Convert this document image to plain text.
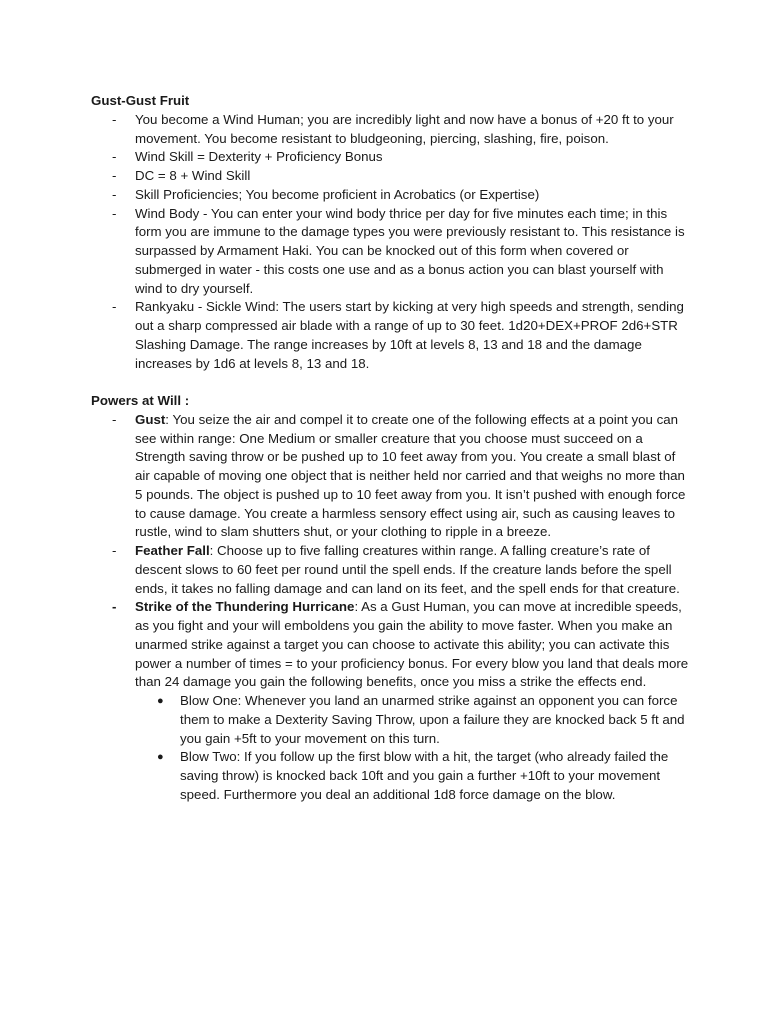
Gust-Gust Fruit
- You become a Wind Human; you are incredibly light and now have a bonus of +20 ft to your movement. You become resistant to bludgeoning, piercing, slashing, fire, poison.
- Wind Skill = Dexterity + Proficiency Bonus
- DC = 8 + Wind Skill
- Skill Proficiencies; You become proficient in Acrobatics (or Expertise)
- Wind Body - You can enter your wind body thrice per day for five minutes each time; in this form you are immune to the damage types you were previously resistant to. This resistance is surpassed by Armament Haki. You can be knocked out of this form when covered or submerged in water - this costs one use and as a bonus action you can blast yourself with wind to dry yourself.
- Rankyaku - Sickle Wind: The users start by kicking at very high speeds and strength, sending out a sharp compressed air blade with a range of up to 30 feet. 1d20+DEX+PROF 2d6+STR Slashing Damage. The range increases by 10ft at levels 8, 13 and 18 and the damage increases by 1d6 at levels 8, 13 and 18.
Powers at Will :
- Gust: You seize the air and compel it to create one of the following effects at a point you can see within range: One Medium or smaller creature that you choose must succeed on a Strength saving throw or be pushed up to 10 feet away from you. You create a small blast of air capable of moving one object that is neither held nor carried and that weighs no more than 5 pounds. The object is pushed up to 10 feet away from you. It isn’t pushed with enough force to cause damage. You create a harmless sensory effect using air, such as causing leaves to rustle, wind to slam shutters shut, or your clothing to ripple in a breeze.
- Feather Fall: Choose up to five falling creatures within range. A falling creature’s rate of descent slows to 60 feet per round until the spell ends. If the creature lands before the spell ends, it takes no falling damage and can land on its feet, and the spell ends for that creature.
- Strike of the Thundering Hurricane: As a Gust Human, you can move at incredible speeds, as you fight and your will emboldens you gain the ability to move faster. When you make an unarmed strike against a target you can choose to activate this ability; you can activate this power a number of times = to your proficiency bonus. For every blow you land that deals more than 24 damage you gain the following benefits, once you miss a strike the effects end.
● Blow One: Whenever you land an unarmed strike against an opponent you can force them to make a Dexterity Saving Throw, upon a failure they are knocked back 5 ft and you gain +5ft to your movement on this turn.
● Blow Two: If you follow up the first blow with a hit, the target (who already failed the saving throw) is knocked back 10ft and you gain a further +10ft to your movement speed. Furthermore you deal an additional 1d8 force damage on the blow.
